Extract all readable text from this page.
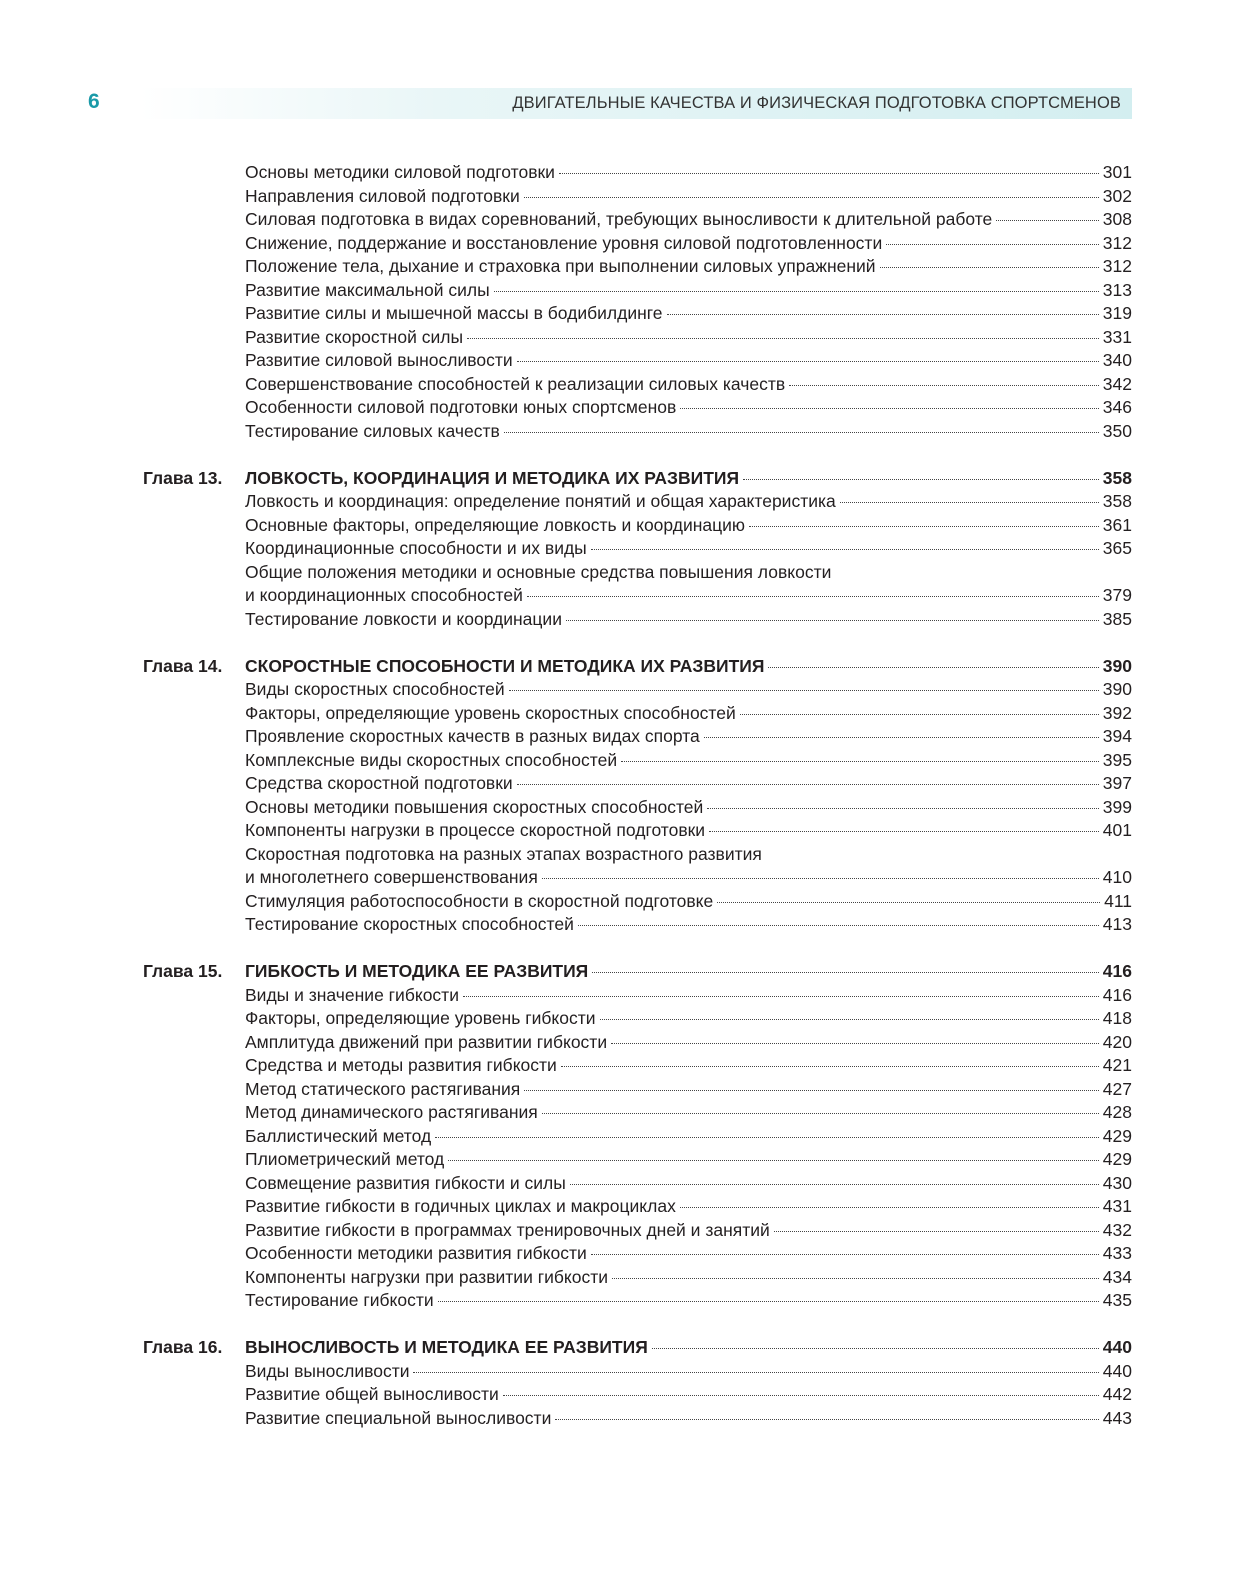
6	ДВИГАТЕЛЬНЫЕ КАЧЕСТВА И ФИЗИЧЕСКАЯ ПОДГОТОВКА СПОРТСМЕНОВ
Основы методики силовой подготовки	301
Направления силовой подготовки	302
Силовая подготовка в видах соревнований, требующих выносливости к длительной работе	308
Снижение, поддержание и восстановление уровня силовой подготовленности	312
Положение тела, дыхание и страховка при выполнении силовых упражнений	312
Развитие максимальной силы	313
Развитие силы и мышечной массы в бодибилдинге	319
Развитие скоростной силы	331
Развитие силовой выносливости	340
Совершенствование способностей к реализации силовых качеств	342
Особенности силовой подготовки юных спортсменов	346
Тестирование силовых качеств	350
Глава 13.	ЛОВКОСТЬ, КООРДИНАЦИЯ И МЕТОДИКА ИХ РАЗВИТИЯ	358
Ловкость и координация: определение понятий и общая характеристика	358
Основные факторы, определяющие ловкость и координацию	361
Координационные способности и их виды	365
Общие положения методики и основные средства повышения ловкости
и координационных способностей	379
Тестирование ловкости и координации	385
Глава 14.	СКОРОСТНЫЕ СПОСОБНОСТИ И МЕТОДИКА ИХ РАЗВИТИЯ	390
Виды скоростных способностей	390
Факторы, определяющие уровень скоростных способностей	392
Проявление скоростных качеств в разных видах спорта	394
Комплексные виды скоростных способностей	395
Средства скоростной подготовки	397
Основы методики повышения скоростных способностей	399
Компоненты нагрузки в процессе скоростной подготовки	401
Скоростная подготовка на разных этапах возрастного развития
и многолетнего совершенствования	410
Стимуляция работоспособности в скоростной подготовке	411
Тестирование скоростных способностей	413
Глава 15.	ГИБКОСТЬ И МЕТОДИКА ЕЕ РАЗВИТИЯ	416
Виды и значение гибкости	416
Факторы, определяющие уровень гибкости	418
Амплитуда движений при развитии гибкости	420
Средства и методы развития гибкости	421
Метод статического растягивания	427
Метод динамического растягивания	428
Баллистический метод	429
Плиометрический метод	429
Совмещение развития гибкости и силы	430
Развитие гибкости в годичных циклах и макроциклах	431
Развитие гибкости в программах тренировочных дней и занятий	432
Особенности методики развития гибкости	433
Компоненты нагрузки при развитии гибкости	434
Тестирование гибкости	435
Глава 16.	ВЫНОСЛИВОСТЬ И МЕТОДИКА ЕЕ РАЗВИТИЯ	440
Виды выносливости	440
Развитие общей выносливости	442
Развитие специальной выносливости	443
